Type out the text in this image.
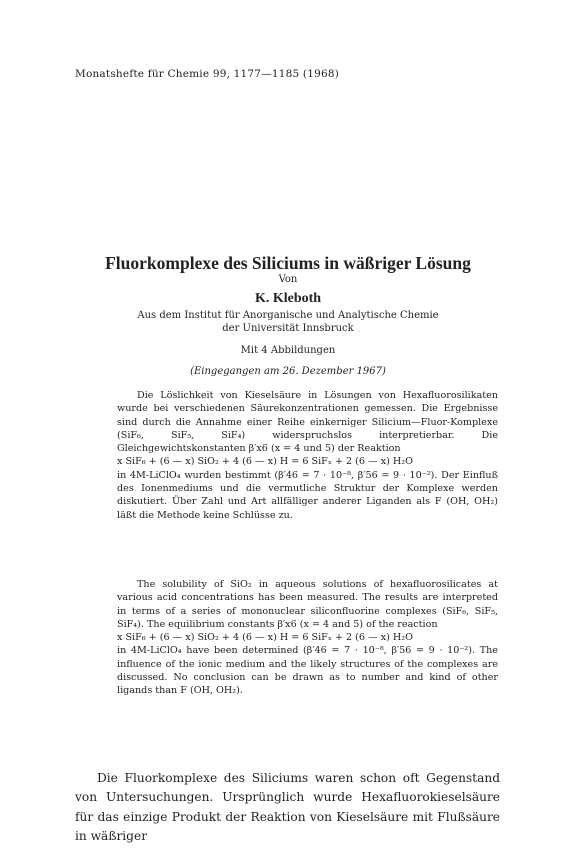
Monatshefte für Chemie 99, 1177—1185 (1968)
Fluorkomplexe des Siliciums in wäßriger Lösung
Von
K. Kleboth
Aus dem Institut für Anorganische und Analytische Chemie
der Universität Innsbruck
Mit 4 Abbildungen
(Eingegangen am 26. Dezember 1967)

Die Löslichkeit von Kieselsäure in Lösungen von Hexafluorosilikaten wurde bei verschiedenen Säurekonzentrationen gemessen. Die Ergebnisse sind durch die Annahme einer Reihe einkerniger Silicium—Fluor-Komplexe (SiF₆, SiF₅, SiF₄) widerspruchslos interpretierbar. Die Gleichgewichtskonstanten β′x6 (x = 4 und 5) der Reaktion

x SiF₆ + (6 — x) SiO₂ + 4 (6 — x) H = 6 SiFₓ + 2 (6 — x) H₂O

in 4M-LiClO₄ wurden bestimmt (β′46 = 7 · 10⁻⁸, β′56 = 9 · 10⁻²). Der Einfluß des Ionenmediums und die vermutliche Struktur der Komplexe werden diskutiert. Über Zahl und Art allfälliger anderer Liganden als F (OH, OH₂) läßt die Methode keine Schlüsse zu.

The solubility of SiO₂ in aqueous solutions of hexafluorosilicates at various acid concentrations has been measured. The results are interpreted in terms of a series of mononuclear siliconfluorine complexes (SiF₆, SiF₅, SiF₄). The equilibrium constants β′x6 (x = 4 and 5) of the reaction

x SiF₆ + (6 — x) SiO₂ + 4 (6 — x) H = 6 SiFₓ + 2 (6 — x) H₂O

in 4M-LiClO₄ have been determined (β′46 = 7 · 10⁻⁸, β′56 = 9 · 10⁻²). The influence of the ionic medium and the likely structures of the complexes are discussed. No conclusion can be drawn as to number and kind of other ligands than F (OH, OH₂).

Die Fluorkomplexe des Siliciums waren schon oft Gegenstand von Untersuchungen. Ursprünglich wurde Hexafluorokieselsäure für das einzige Produkt der Reaktion von Kieselsäure mit Flußsäure in wäßriger
